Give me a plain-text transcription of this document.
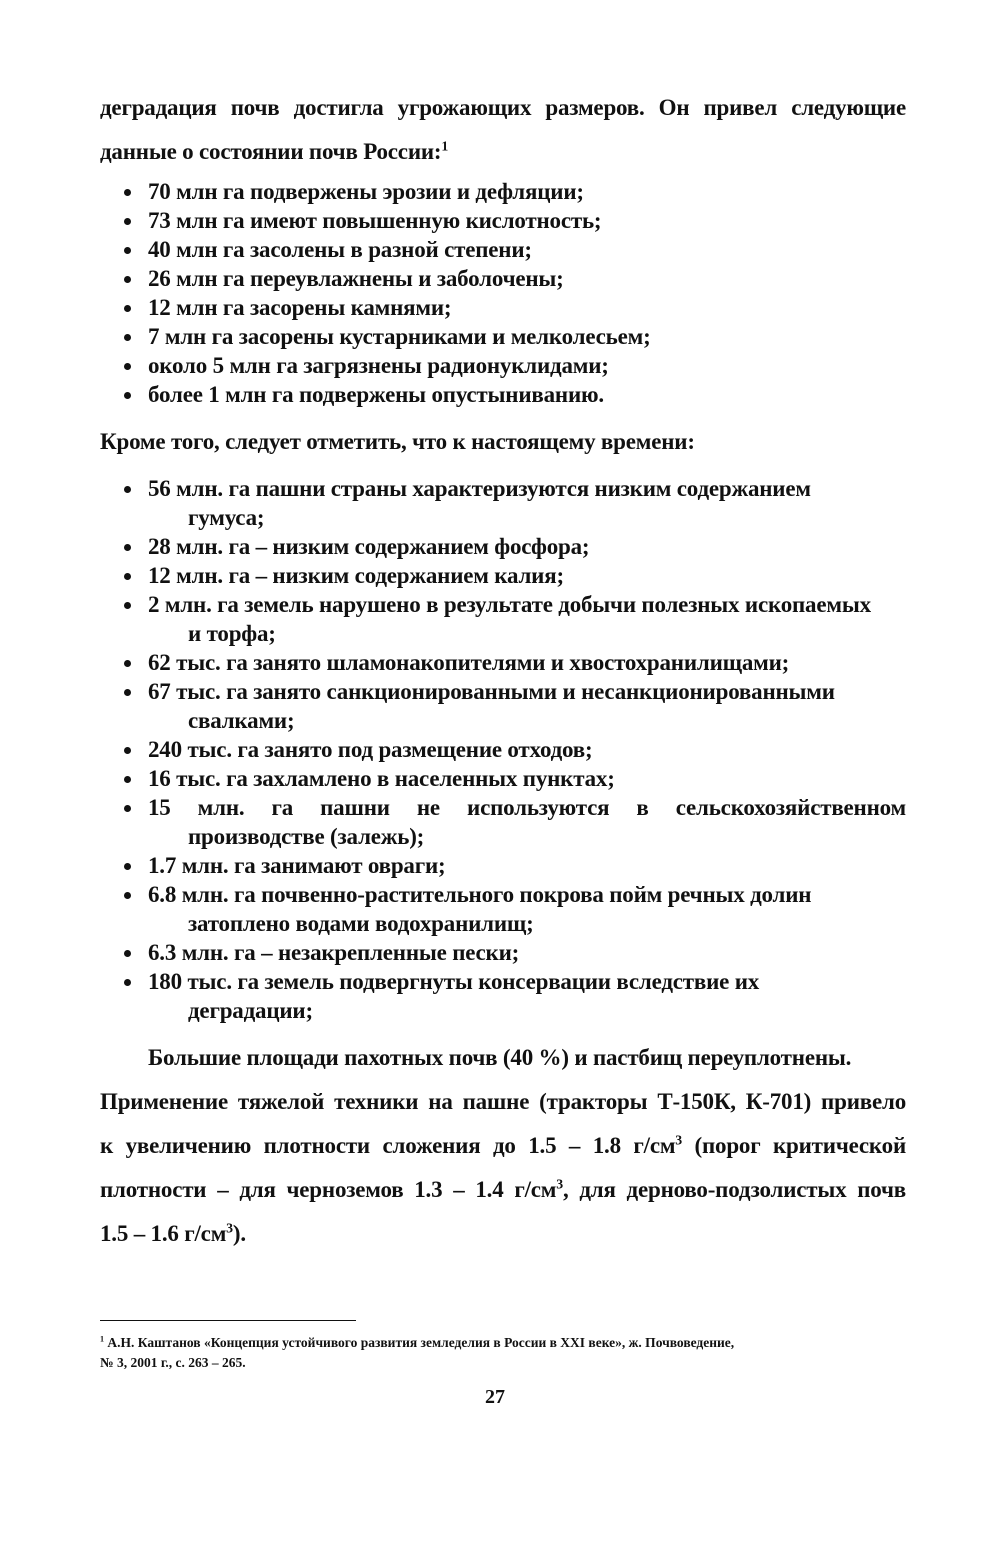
деградация почв достигла угрожающих размеров. Он привел следующие
данные о состоянии почв России:$^1$
70 млн га подвержены эрозии и дефляции;
73 млн га имеют повышенную кислотность;
40 млн га засолены в разной степени;
26 млн га переувлажнены и заболочены;
12 млн га засорены камнями;
7 млн га засорены кустарниками и мелколесьем;
около 5 млн га загрязнены радионуклидами;
более 1 млн га подвержены опустыниванию.
Кроме того, следует отметить, что к настоящему времени:
56 млн. га пашни страны характеризуются низким содержанием
гумуса;
28 млн. га – низким содержанием фосфора;
12 млн. га – низким содержанием калия;
2 млн. га земель нарушено в результате добычи полезных ископаемых
и торфа;
62 тыс. га занято шламонакопителями и хвостохранилищами;
67 тыс. га занято санкционированными и несанкционированными
свалками;
240 тыс. га занято под размещение отходов;
16 тыс. га захламлено в населенных пунктах;
15 млн. га пашни не используются в сельскохозяйственном
производстве (залежь);
1.7 млн. га занимают овраги;
6.8 млн. га почвенно-растительного покрова пойм речных долин
затоплено водами водохранилищ;
6.3 млн. га – незакрепленные пески;
180 тыс. га земель подвергнуты консервации вследствие их
деградации;
Большие площади пахотных почв (40 %) и пастбищ переуплотнены.
Применение тяжелой техники на пашне (тракторы Т-150К, К-701) привело
к увеличению плотности сложения до 1.5 – 1.8 $г/см^3$ (порог критической
плотности – для черноземов 1.3 – 1.4 $г/см^3$, для дерново-подзолистых почв
1.5 – 1.6 $г/см^3$).
$^1$ А.Н. Каштанов «Концепция устойчивого развития земледелия в России в XXI веке», ж. Почвоведение,
№ 3, 2001 г., с. 263 – 265.
27
